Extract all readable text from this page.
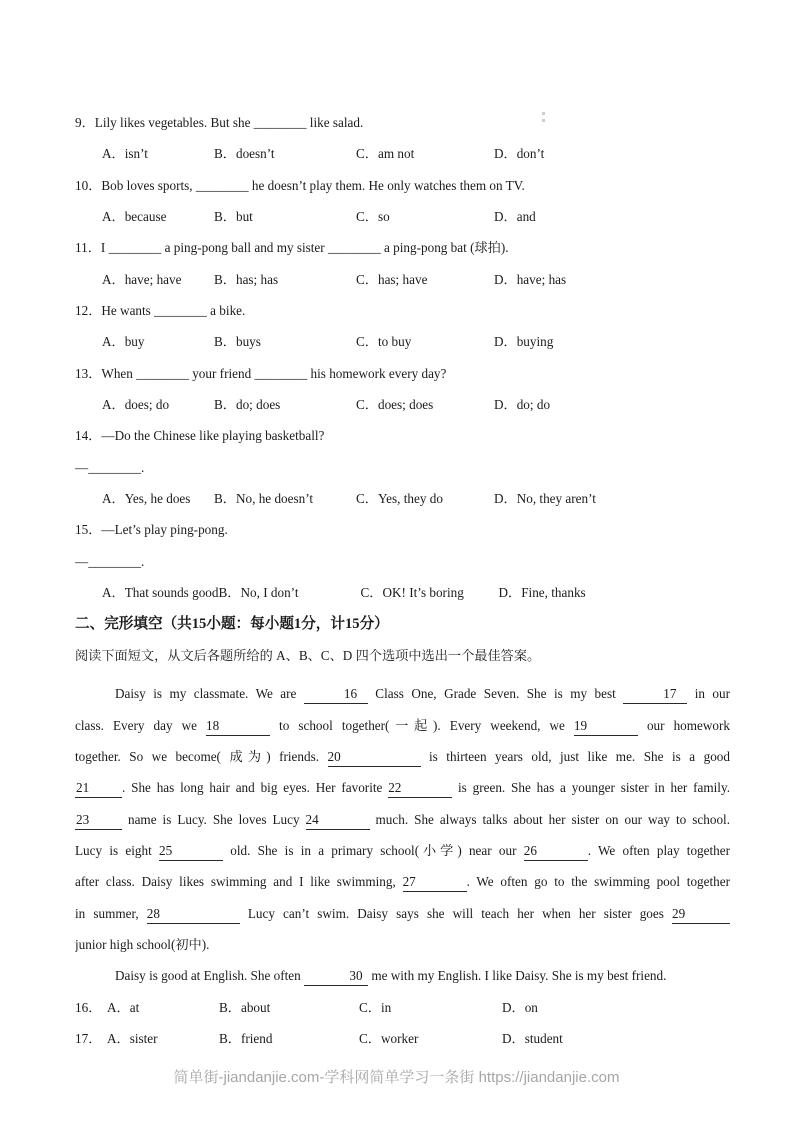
9．Lily likes vegetables. But she ________ like salad.
A．isn’t	B．doesn’t	C．am not	D．don’t
10．Bob loves sports, ________ he doesn’t play them. He only watches them on TV.
A．because	B．but	C．so	D．and
11．I ________ a ping-pong ball and my sister ________ a ping-pong bat (球拍).
A．have; have	B．has; has	C．has; have	D．have; has
12．He wants ________ a bike.
A．buy	B．buys	C．to buy	D．buying
13．When ________ your friend ________ his homework every day?
A．does; do	B．do; does	C．does; does	D．do; do
14．—Do the Chinese like playing basketball?
—________.
A．Yes, he does	B．No, he doesn’t	C．Yes, they do	D．No, they aren’t
15．—Let’s play ping-pong.
—________.
A．That sounds good B．No, I don’t	C．OK! It’s boring	D．Fine, thanks
二、完形填空（共15小题：每小题1分，计15分）
阅读下面短文，从文后各题所给的 A、B、C、D 四个选项中选出一个最佳答案。
Daisy is my classmate. We are	16 Class One, Grade Seven. She is my best	17 in our
class. Every day we 18	to school together(一起). Every weekend, we 19	our homework
together. So we become( 成为) friends. 20	is thirteen years old, just like me. She is a good
21 . She has long hair and big eyes. Her favorite 22	is green. She has a younger sister in her family.
23 name is Lucy. She loves Lucy 24	much. She always talks about her sister on our way to school.
Lucy is eight 25	old. She is in a primary school(小学) near our 26	. We often play together
after class. Daisy likes swimming and I like swimming, 27	. We often go to the swimming pool together
in summer, 28	Lucy can’t swim. Daisy says she will teach her when her sister goes 29
junior high school(初中).
Daisy is good at English. She often	30 me with my English. I like Daisy. She is my best friend.
16． A．at	B．about	C．in	D．on
17． A．sister	B．friend	C．worker	D．student
简单街-jiandanjie.com-学科网简单学习一条街 https://jiandanjie.com
